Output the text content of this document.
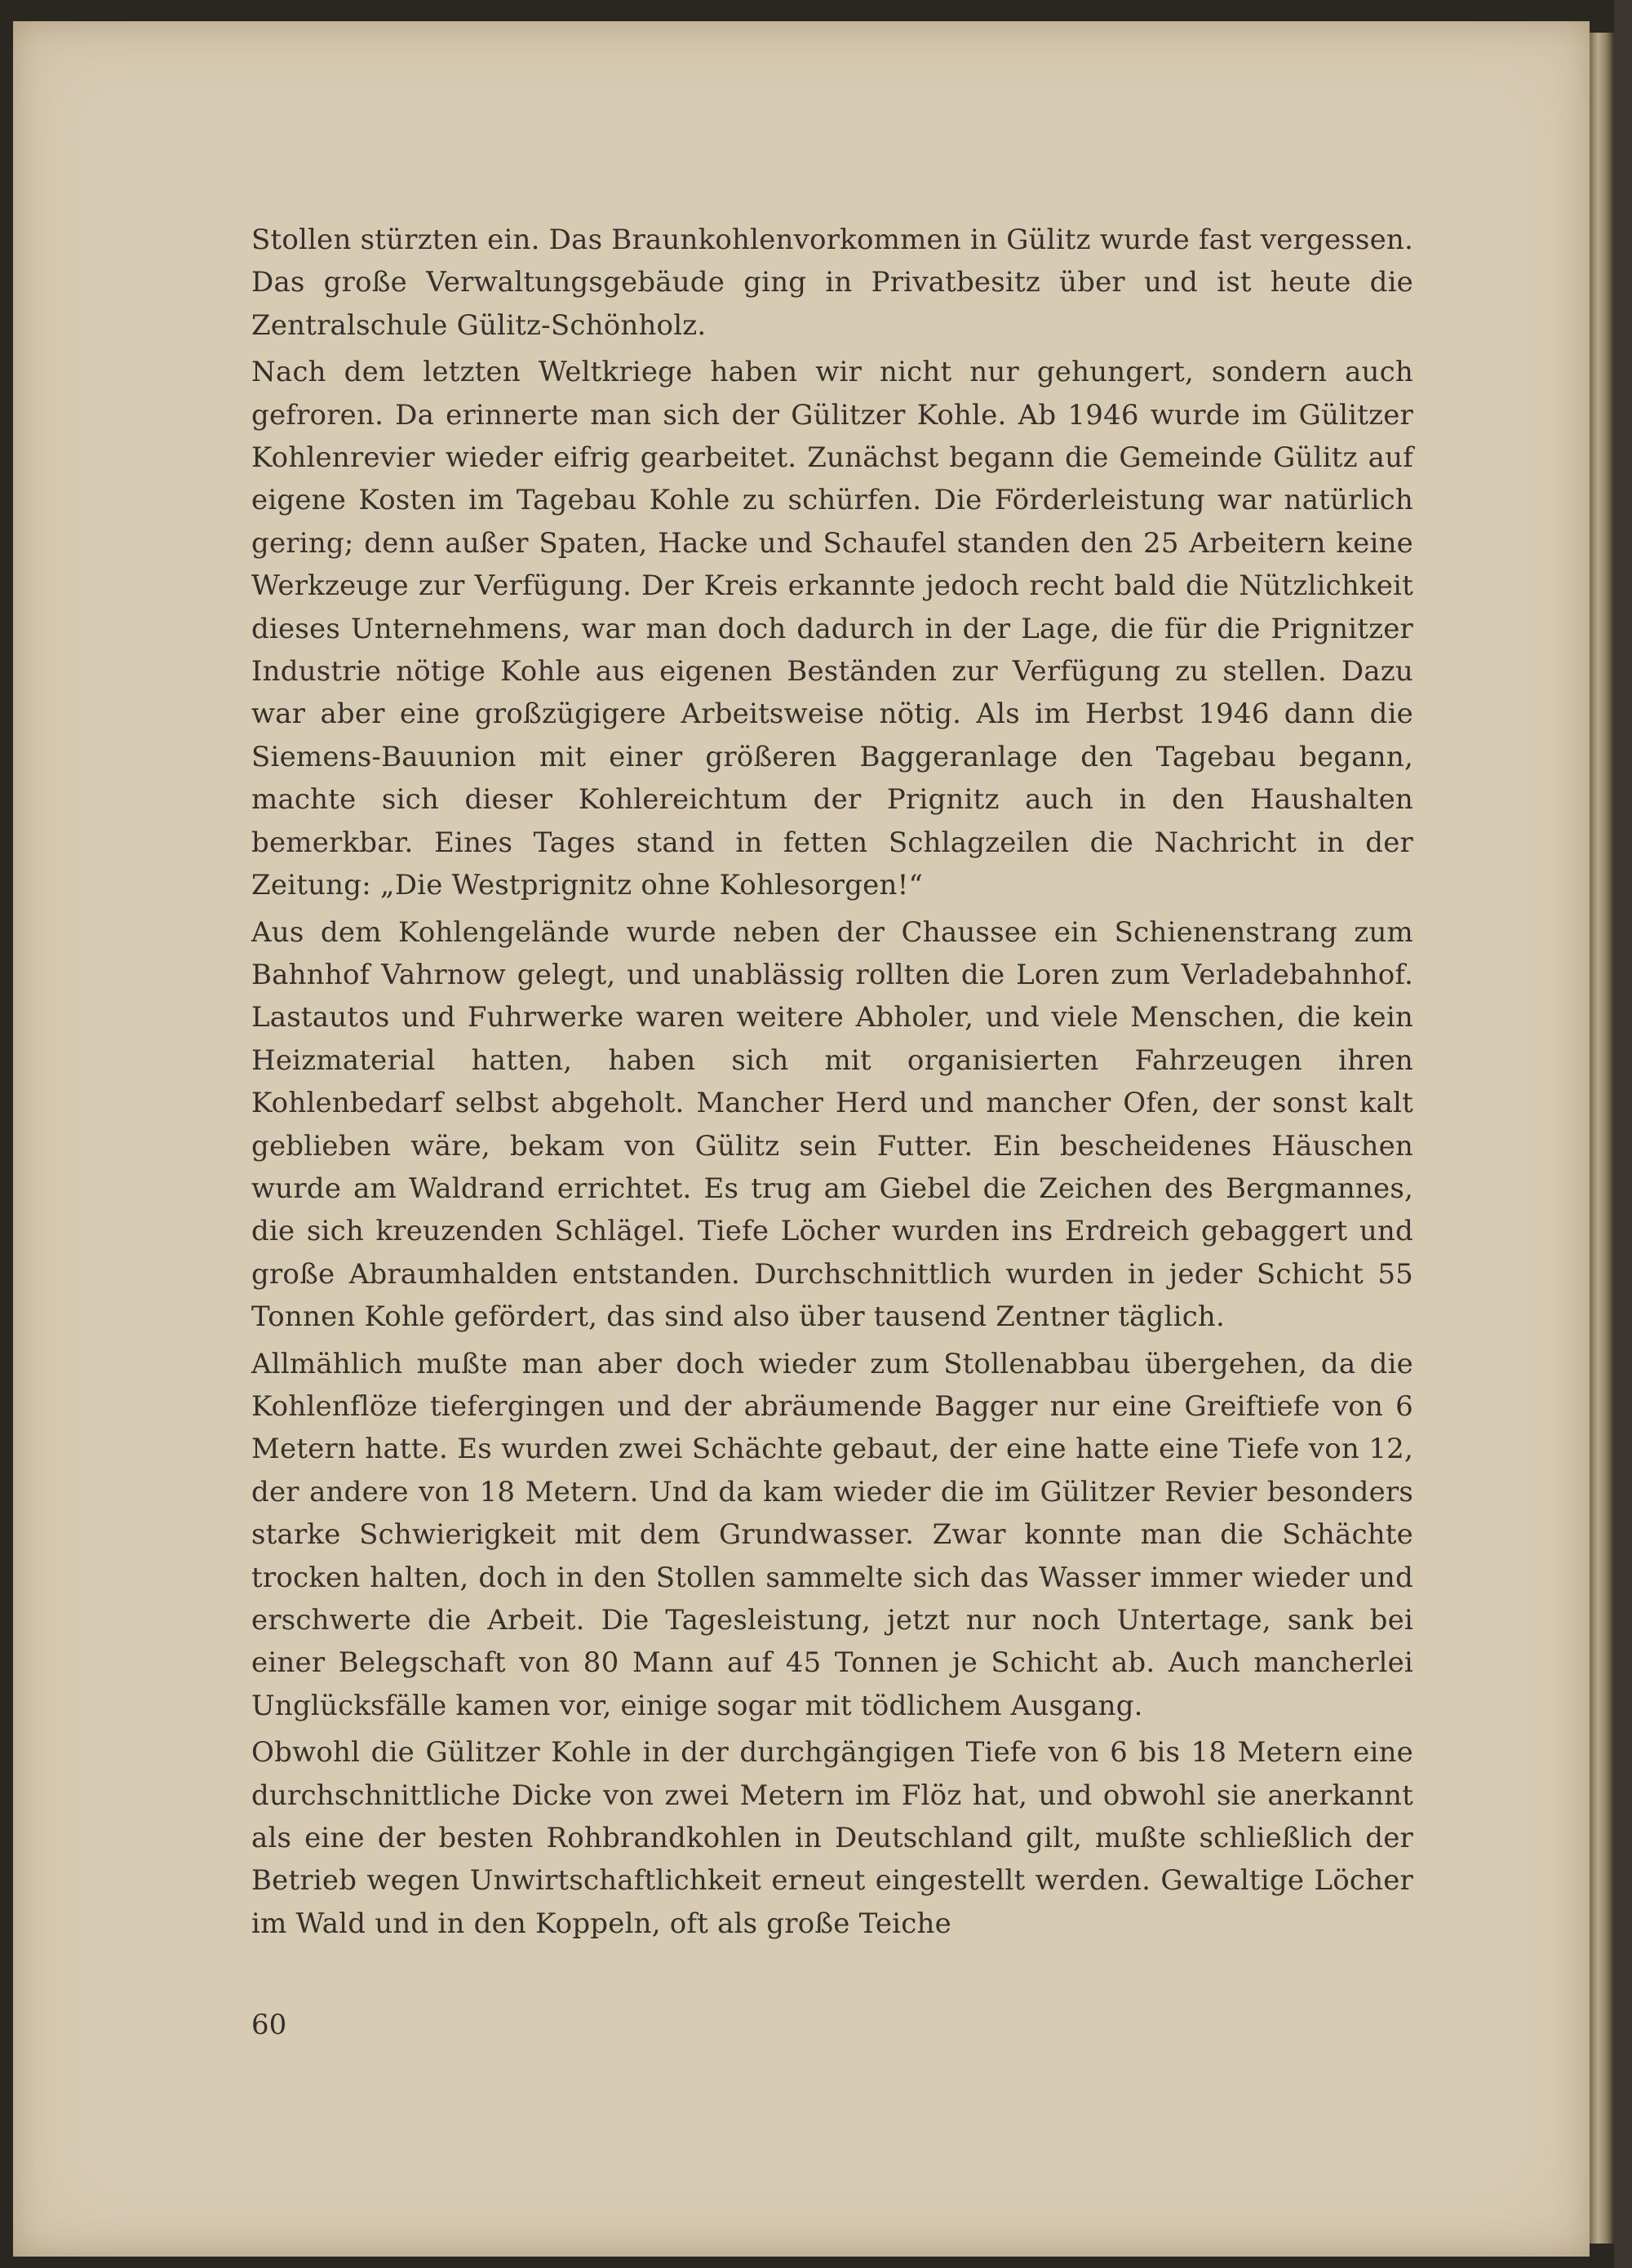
Stollen stürzten ein. Das Braunkohlenvorkommen in Gülitz wurde fast vergessen. Das große Verwaltungsgebäude ging in Privatbesitz über und ist heute die Zentralschule Gülitz-Schönholz.

Nach dem letzten Weltkriege haben wir nicht nur gehungert, sondern auch gefroren. Da erinnerte man sich der Gülitzer Kohle. Ab 1946 wurde im Gülitzer Kohlenrevier wieder eifrig gearbeitet. Zunächst begann die Gemeinde Gülitz auf eigene Kosten im Tagebau Kohle zu schürfen. Die Förderleistung war natürlich gering; denn außer Spaten, Hacke und Schaufel standen den 25 Arbeitern keine Werkzeuge zur Verfügung. Der Kreis erkannte jedoch recht bald die Nützlichkeit dieses Unternehmens, war man doch dadurch in der Lage, die für die Prignitzer Industrie nötige Kohle aus eigenen Beständen zur Verfügung zu stellen. Dazu war aber eine großzügigere Arbeitsweise nötig. Als im Herbst 1946 dann die Siemens-Bauunion mit einer größeren Baggeranlage den Tagebau begann, machte sich dieser Kohlereichtum der Prignitz auch in den Haushalten bemerkbar. Eines Tages stand in fetten Schlagzeilen die Nachricht in der Zeitung: „Die Westprignitz ohne Kohlesorgen!“

Aus dem Kohlengelände wurde neben der Chaussee ein Schienenstrang zum Bahnhof Vahrnow gelegt, und unablässig rollten die Loren zum Verladebahnhof. Lastautos und Fuhrwerke waren weitere Abholer, und viele Menschen, die kein Heizmaterial hatten, haben sich mit organisierten Fahrzeugen ihren Kohlenbedarf selbst abgeholt. Mancher Herd und mancher Ofen, der sonst kalt geblieben wäre, bekam von Gülitz sein Futter. Ein bescheidenes Häuschen wurde am Waldrand errichtet. Es trug am Giebel die Zeichen des Bergmannes, die sich kreuzenden Schlägel. Tiefe Löcher wurden ins Erdreich gebaggert und große Abraumhalden entstanden. Durchschnittlich wurden in jeder Schicht 55 Tonnen Kohle gefördert, das sind also über tausend Zentner täglich.

Allmählich mußte man aber doch wieder zum Stollenabbau übergehen, da die Kohlenflöze tiefergingen und der abräumende Bagger nur eine Greiftiefe von 6 Metern hatte. Es wurden zwei Schächte gebaut, der eine hatte eine Tiefe von 12, der andere von 18 Metern. Und da kam wieder die im Gülitzer Revier besonders starke Schwierigkeit mit dem Grundwasser. Zwar konnte man die Schächte trocken halten, doch in den Stollen sammelte sich das Wasser immer wieder und erschwerte die Arbeit. Die Tagesleistung, jetzt nur noch Untertage, sank bei einer Belegschaft von 80 Mann auf 45 Tonnen je Schicht ab. Auch mancherlei Unglücksfälle kamen vor, einige sogar mit tödlichem Ausgang.

Obwohl die Gülitzer Kohle in der durchgängigen Tiefe von 6 bis 18 Metern eine durchschnittliche Dicke von zwei Metern im Flöz hat, und obwohl sie anerkannt als eine der besten Rohbrandkohlen in Deutschland gilt, mußte schließlich der Betrieb wegen Unwirtschaftlichkeit erneut eingestellt werden. Gewaltige Löcher im Wald und in den Koppeln, oft als große Teiche

60
